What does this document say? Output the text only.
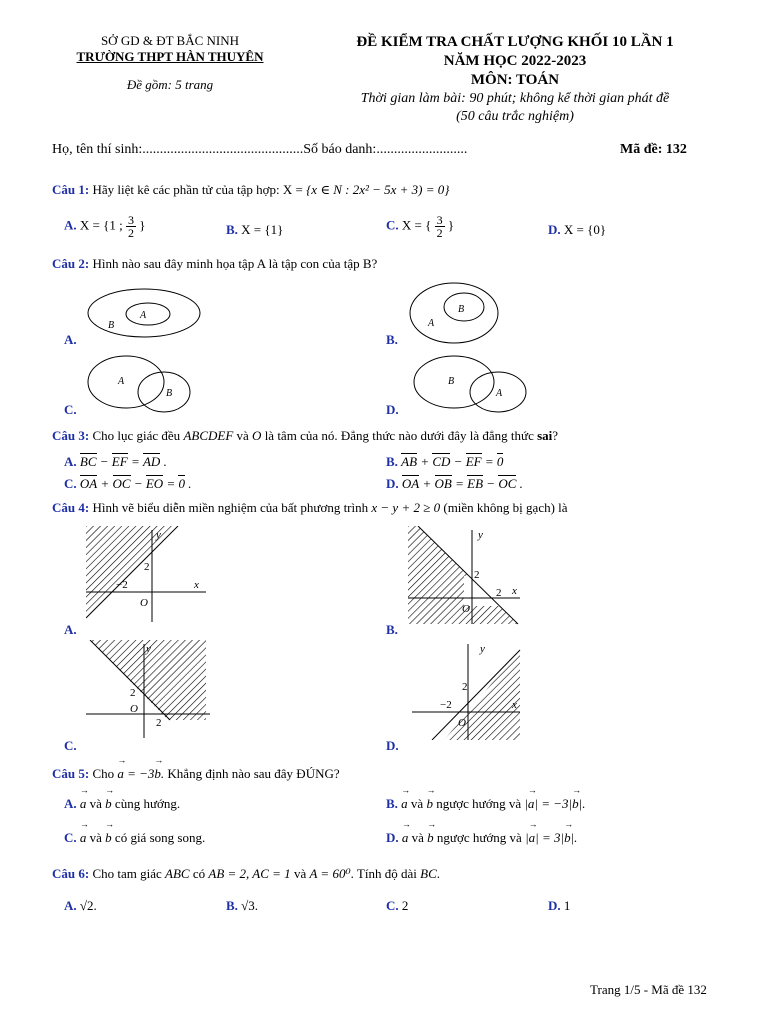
SỞ GD & ĐT BẮC NINH
TRƯỜNG THPT HÀN THUYÊN
Đề gồm: 5 trang
ĐỀ KIỂM TRA CHẤT LƯỢNG KHỐI 10 LẦN 1
NĂM HỌC 2022-2023
MÔN: TOÁN
Thời gian làm bài: 90 phút; không kể thời gian phát đề
(50 câu trắc nghiệm)
Họ, tên thí sinh:..............................................Số báo danh:..........................	Mã đề: 132
Câu 1: Hãy liệt kê các phần tử của tập hợp: X = {x ∈ N : 2x² − 5x + 3) = 0}
A. X = {1 ; $\frac{3}{2}$ }	B. X = {1}	C. X = { $\frac{3}{2}$ }	D. X = {0}
Câu 2: Hình nào sau đây minh họa tập A là tập con của tập B?
A
B
A.
B
A
B.
A
B
C.
B
A
D.
Câu 3: Cho lục giác đều ABCDEF và O là tâm của nó. Đẳng thức nào dưới đây là đẳng thức sai?
A. BC − EF = AD .	B. AB + CD − EF = 0
C. OA + OC − EO = 0 .	D. OA + OB = EB − OC .
Câu 4: Hình vẽ biểu diễn miền nghiệm của bất phương trình x − y + 2 ≥ 0 (miền không bị gạch) là
x
y
O
−2
2
A.
x
y
O
2
2
B.
y
O
2
2
C.
x
y
O
2
−2
D.
Câu 5: Cho a → = −3b →. Khẳng định nào sau đây ĐÚNG?
A. a → và b → cùng hướng.	B. a → và b → ngược hướng và |a →| = −3|b →|.
C. a → và b → có giá song song.	D. a → và b → ngược hướng và |a →| = 3|b →|.
Câu 6: Cho tam giác ABC có AB = 2, AC = 1 và A = 60⁰. Tính độ dài BC.
A. √2.	B. √3.	C. 2	D. 1
Trang 1/5 - Mã đề 132
